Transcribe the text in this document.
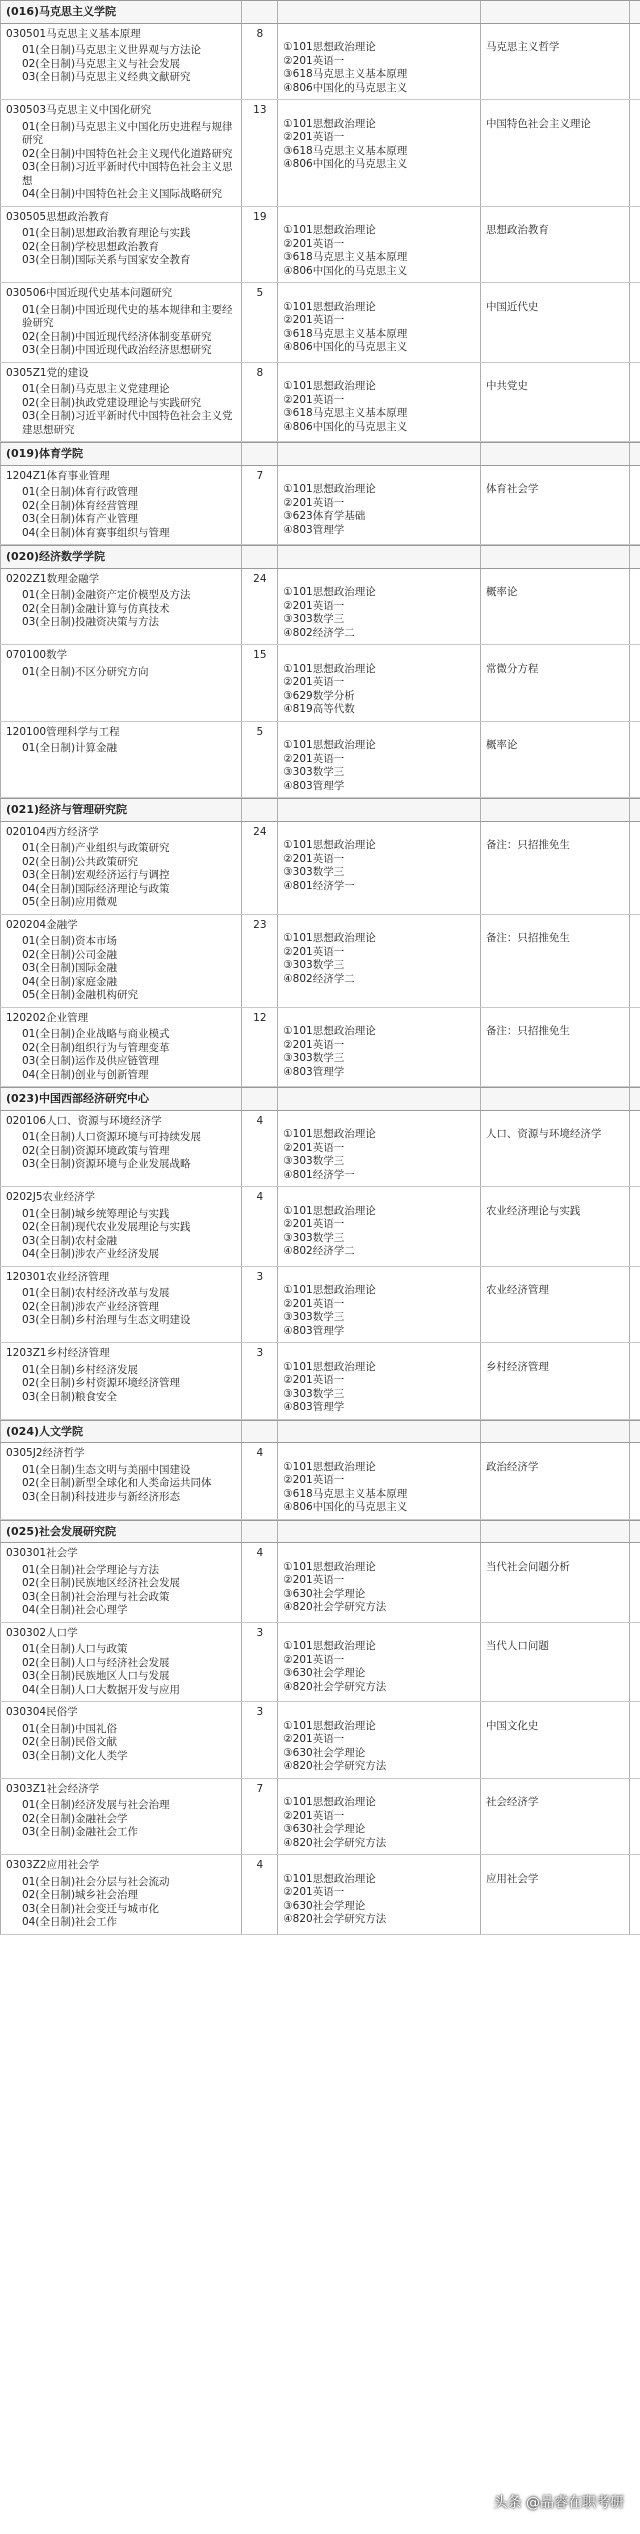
(016)马克思主义学院
030501马克思主义基本原理
01(全日制)马克思主义世界观与方法论
02(全日制)马克思主义与社会发展
03(全日制)马克思主义经典文献研究
8

①101思想政治理论
②201英语一
③618马克思主义基本原理
④806中国化的马克思主义

马克思主义哲学
030503马克思主义中国化研究
01(全日制)马克思主义中国化历史进程与规律研究
02(全日制)中国特色社会主义现代化道路研究
03(全日制)习近平新时代中国特色社会主义思想
04(全日制)中国特色社会主义国际战略研究
13

①101思想政治理论
②201英语一
③618马克思主义基本原理
④806中国化的马克思主义

中国特色社会主义理论
030505思想政治教育
01(全日制)思想政治教育理论与实践
02(全日制)学校思想政治教育
03(全日制)国际关系与国家安全教育
19

①101思想政治理论
②201英语一
③618马克思主义基本原理
④806中国化的马克思主义

思想政治教育
030506中国近现代史基本问题研究
01(全日制)中国近现代史的基本规律和主要经验研究
02(全日制)中国近现代经济体制变革研究
03(全日制)中国近现代政治经济思想研究
5

①101思想政治理论
②201英语一
③618马克思主义基本原理
④806中国化的马克思主义

中国近代史
0305Z1党的建设
01(全日制)马克思主义党建理论
02(全日制)执政党建设理论与实践研究
03(全日制)习近平新时代中国特色社会主义党建思想研究
8

①101思想政治理论
②201英语一
③618马克思主义基本原理
④806中国化的马克思主义

中共党史
(019)体育学院
1204Z1体育事业管理
01(全日制)体育行政管理
02(全日制)体育经营管理
03(全日制)体育产业管理
04(全日制)体育赛事组织与管理
7

①101思想政治理论
②201英语一
③623体育学基础
④803管理学

体育社会学
(020)经济数学学院
0202Z1数理金融学
01(全日制)金融资产定价模型及方法
02(全日制)金融计算与仿真技术
03(全日制)投融资决策与方法
24

①101思想政治理论
②201英语一
③303数学三
④802经济学二

概率论
070100数学
01(全日制)不区分研究方向
15

①101思想政治理论
②201英语一
③629数学分析
④819高等代数

常微分方程
120100管理科学与工程
01(全日制)计算金融
5

①101思想政治理论
②201英语一
③303数学三
④803管理学

概率论
(021)经济与管理研究院
020104西方经济学
01(全日制)产业组织与政策研究
02(全日制)公共政策研究
03(全日制)宏观经济运行与调控
04(全日制)国际经济理论与政策
05(全日制)应用微观
24

①101思想政治理论
②201英语一
③303数学三
④801经济学一

备注：只招推免生
020204金融学
01(全日制)资本市场
02(全日制)公司金融
03(全日制)国际金融
04(全日制)家庭金融
05(全日制)金融机构研究
23

①101思想政治理论
②201英语一
③303数学三
④802经济学二

备注：只招推免生
120202企业管理
01(全日制)企业战略与商业模式
02(全日制)组织行为与管理变革
03(全日制)运作及供应链管理
04(全日制)创业与创新管理
12

①101思想政治理论
②201英语一
③303数学三
④803管理学

备注：只招推免生
(023)中国西部经济研究中心
020106人口、资源与环境经济学
01(全日制)人口资源环境与可持续发展
02(全日制)资源环境政策与管理
03(全日制)资源环境与企业发展战略
4

①101思想政治理论
②201英语一
③303数学三
④801经济学一

人口、资源与环境经济学
0202J5农业经济学
01(全日制)城乡统筹理论与实践
02(全日制)现代农业发展理论与实践
03(全日制)农村金融
04(全日制)涉农产业经济发展
4

①101思想政治理论
②201英语一
③303数学三
④802经济学二

农业经济理论与实践
120301农业经济管理
01(全日制)农村经济改革与发展
02(全日制)涉农产业经济管理
03(全日制)乡村治理与生态文明建设
3

①101思想政治理论
②201英语一
③303数学三
④803管理学

农业经济管理
1203Z1乡村经济管理
01(全日制)乡村经济发展
02(全日制)乡村资源环境经济管理
03(全日制)粮食安全
3

①101思想政治理论
②201英语一
③303数学三
④803管理学

乡村经济管理
(024)人文学院
0305J2经济哲学
01(全日制)生态文明与美丽中国建设
02(全日制)新型全球化和人类命运共同体
03(全日制)科技进步与新经济形态
4

①101思想政治理论
②201英语一
③618马克思主义基本原理
④806中国化的马克思主义

政治经济学
(025)社会发展研究院
030301社会学
01(全日制)社会学理论与方法
02(全日制)民族地区经济社会发展
03(全日制)社会治理与社会政策
04(全日制)社会心理学
4

①101思想政治理论
②201英语一
③630社会学理论
④820社会学研究方法

当代社会问题分析
030302人口学
01(全日制)人口与政策
02(全日制)人口与经济社会发展
03(全日制)民族地区人口与发展
04(全日制)人口大数据开发与应用
3

①101思想政治理论
②201英语一
③630社会学理论
④820社会学研究方法

当代人口问题
030304民俗学
01(全日制)中国礼俗
02(全日制)民俗文献
03(全日制)文化人类学
3

①101思想政治理论
②201英语一
③630社会学理论
④820社会学研究方法

中国文化史
0303Z1社会经济学
01(全日制)经济发展与社会治理
02(全日制)金融社会学
03(全日制)金融社会工作
7

①101思想政治理论
②201英语一
③630社会学理论
④820社会学研究方法

社会经济学
0303Z2应用社会学
01(全日制)社会分层与社会流动
02(全日制)城乡社会治理
03(全日制)社会变迁与城市化
04(全日制)社会工作
4

①101思想政治理论
②201英语一
③630社会学理论
④820社会学研究方法

应用社会学
头条 @品睿在职考研
